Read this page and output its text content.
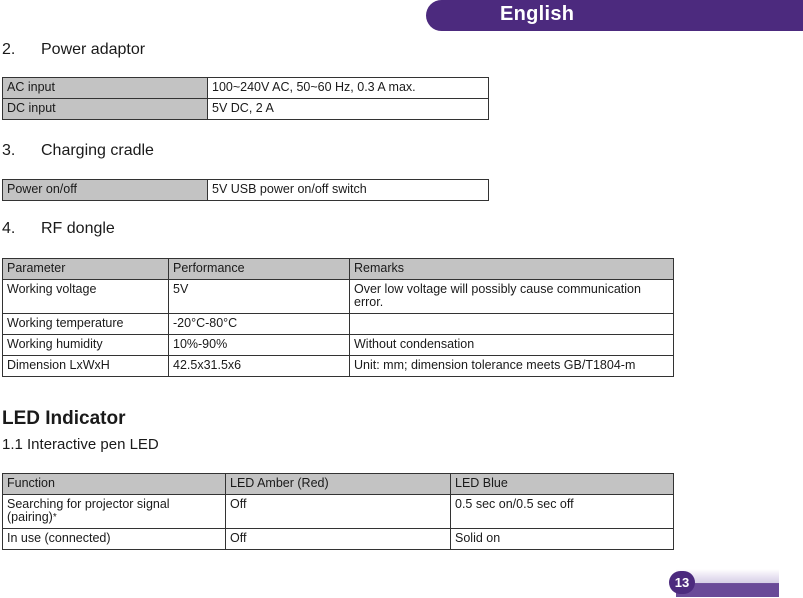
English
2. Power adaptor
AC input	100~240V AC, 50~60 Hz, 0.3 A max.
DC input	5V DC, 2 A
3. Charging cradle
Power on/off	5V USB power on/off switch
4. RF dongle
Parameter	Performance	Remarks
Working voltage	5V	Over low voltage will possibly cause communication error.
Working temperature	-20°C-80°C	
Working humidity	10%-90%	Without condensation
Dimension LxWxH	42.5x31.5x6	Unit: mm; dimension tolerance meets GB/T1804-m
LED Indicator
1.1 Interactive pen LED
Function	LED Amber (Red)	LED Blue
Searching for projector signal (pairing)*	Off	0.5 sec on/0.5 sec off
In use (connected)	Off	Solid on
13
